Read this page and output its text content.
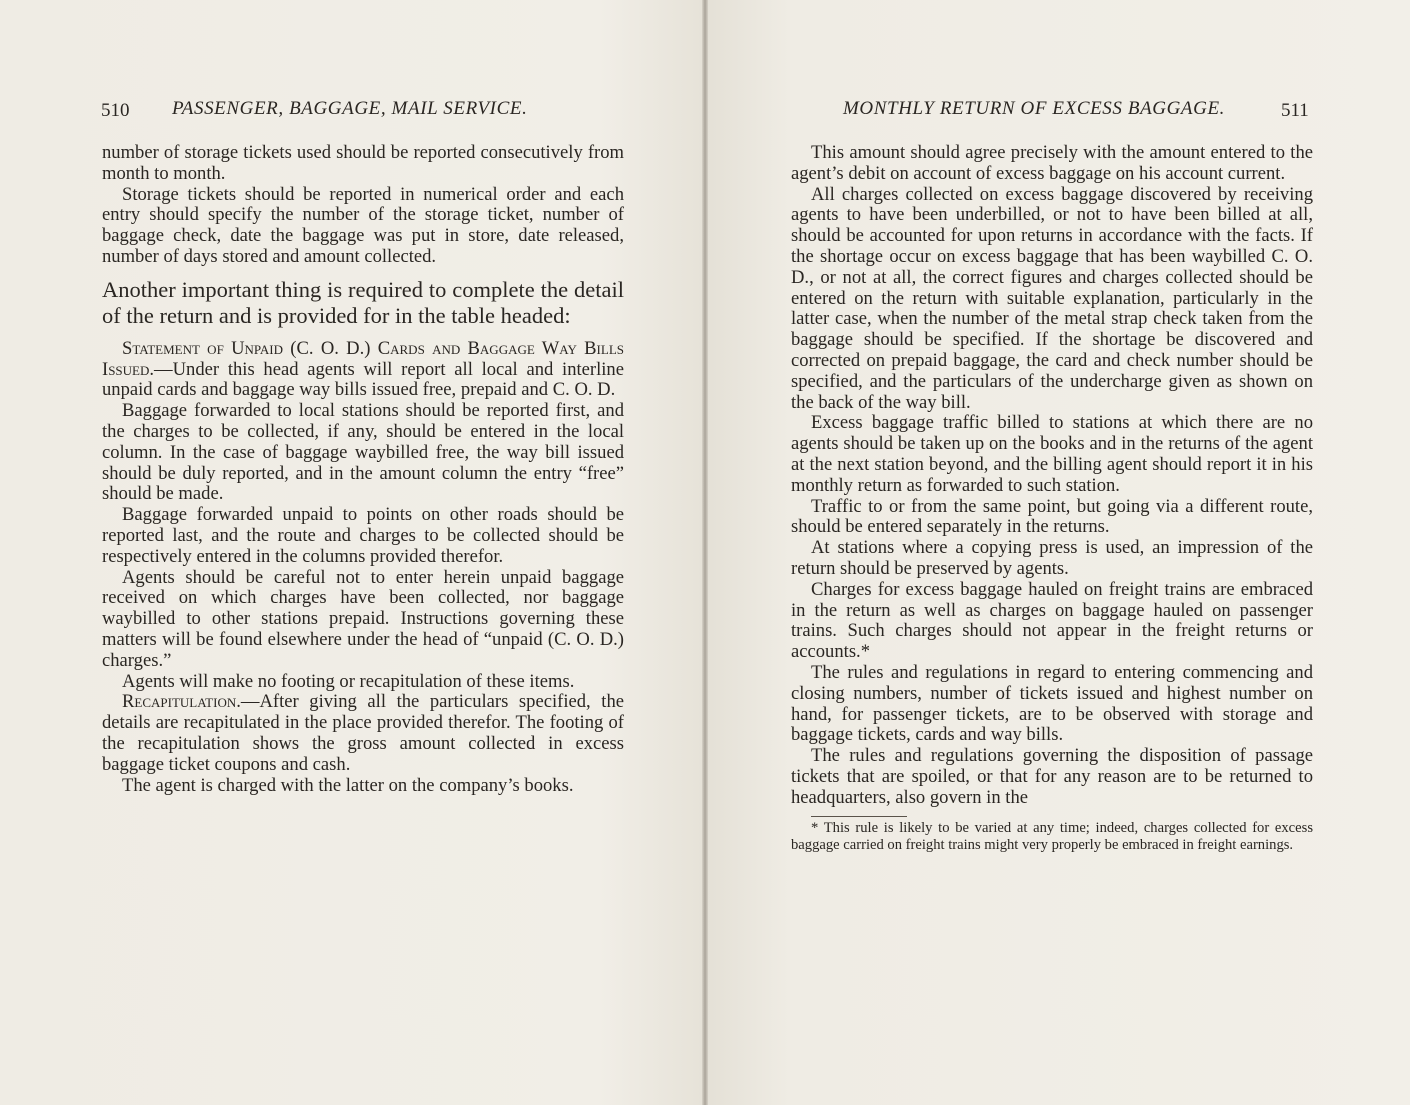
510 PASSENGER, BAGGAGE, MAIL SERVICE.

number of storage tickets used should be reported consecutively from month to month.

Storage tickets should be reported in numerical order and each entry should specify the number of the storage ticket, number of baggage check, date the baggage was put in store, date released, number of days stored and amount collected.

Another important thing is required to complete the detail of the return and is provided for in the table headed:

Statement of Unpaid (C. O. D.) Cards and Baggage Way Bills Issued.—Under this head agents will report all local and interline unpaid cards and baggage way bills issued free, prepaid and C. O. D.

Baggage forwarded to local stations should be reported first, and the charges to be collected, if any, should be entered in the local column. In the case of baggage waybilled free, the way bill issued should be duly reported, and in the amount column the entry “free” should be made.

Baggage forwarded unpaid to points on other roads should be reported last, and the route and charges to be collected should be respectively entered in the columns provided therefor.

Agents should be careful not to enter herein unpaid baggage received on which charges have been collected, nor baggage waybilled to other stations prepaid. Instructions governing these matters will be found elsewhere under the head of “unpaid (C. O. D.) charges.”

Agents will make no footing or recapitulation of these items.

Recapitulation.—After giving all the particulars specified, the details are recapitulated in the place provided therefor. The footing of the recapitulation shows the gross amount collected in excess baggage ticket coupons and cash.

The agent is charged with the latter on the company’s books.

MONTHLY RETURN OF EXCESS BAGGAGE.	511

This amount should agree precisely with the amount entered to the agent’s debit on account of excess baggage on his account current.

All charges collected on excess baggage discovered by receiving agents to have been underbilled, or not to have been billed at all, should be accounted for upon returns in accordance with the facts. If the shortage occur on excess baggage that has been waybilled C. O. D., or not at all, the correct figures and charges collected should be entered on the return with suitable explanation, particularly in the latter case, when the number of the metal strap check taken from the baggage should be specified. If the shortage be discovered and corrected on prepaid baggage, the card and check number should be specified, and the particulars of the undercharge given as shown on the back of the way bill.

Excess baggage traffic billed to stations at which there are no agents should be taken up on the books and in the returns of the agent at the next station beyond, and the billing agent should report it in his monthly return as forwarded to such station.

Traffic to or from the same point, but going via a different route, should be entered separately in the returns.

At stations where a copying press is used, an impression of the return should be preserved by agents.

Charges for excess baggage hauled on freight trains are embraced in the return as well as charges on baggage hauled on passenger trains. Such charges should not appear in the freight returns or accounts.*

The rules and regulations in regard to entering commencing and closing numbers, number of tickets issued and highest number on hand, for passenger tickets, are to be observed with storage and baggage tickets, cards and way bills.

The rules and regulations governing the disposition of passage tickets that are spoiled, or that for any reason are to be returned to headquarters, also govern in the

* This rule is likely to be varied at any time; indeed, charges collected for excess baggage carried on freight trains might very properly be embraced in freight earnings.
